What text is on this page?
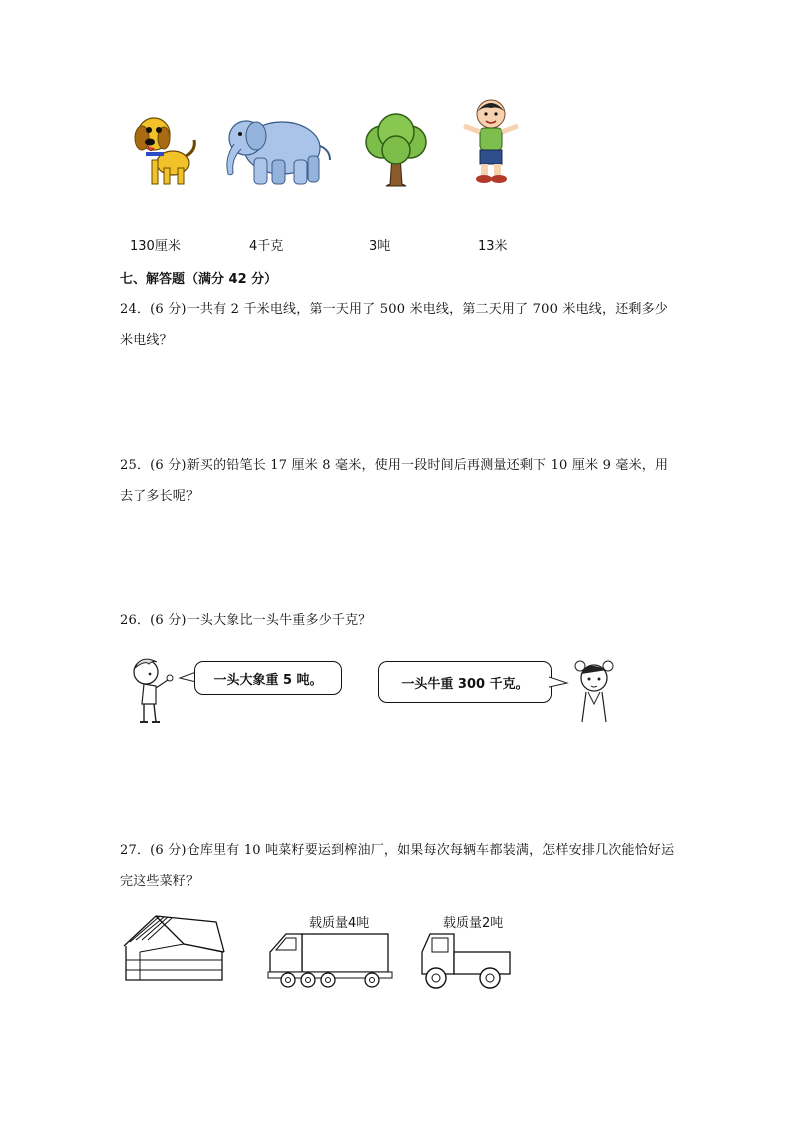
130厘米	4千克	3吨	13米
七、解答题（满分 42 分）
24．(6 分)一共有 2 千米电线，第一天用了 500 米电线，第二天用了 700 米电线，还剩多少米电线？
25．(6 分)新买的铅笔长 17 厘米 8 毫米，使用一段时间后再测量还剩下 10 厘米 9 毫米，用去了多长呢？
26．(6 分)一头大象比一头牛重多少千克？
一头大象重 5 吨。	一头牛重 300 千克。
27．(6 分)仓库里有 10 吨菜籽要运到榨油厂，如果每次每辆车都装满，怎样安排几次能恰好运完这些菜籽？
载质量4吨	载质量2吨
